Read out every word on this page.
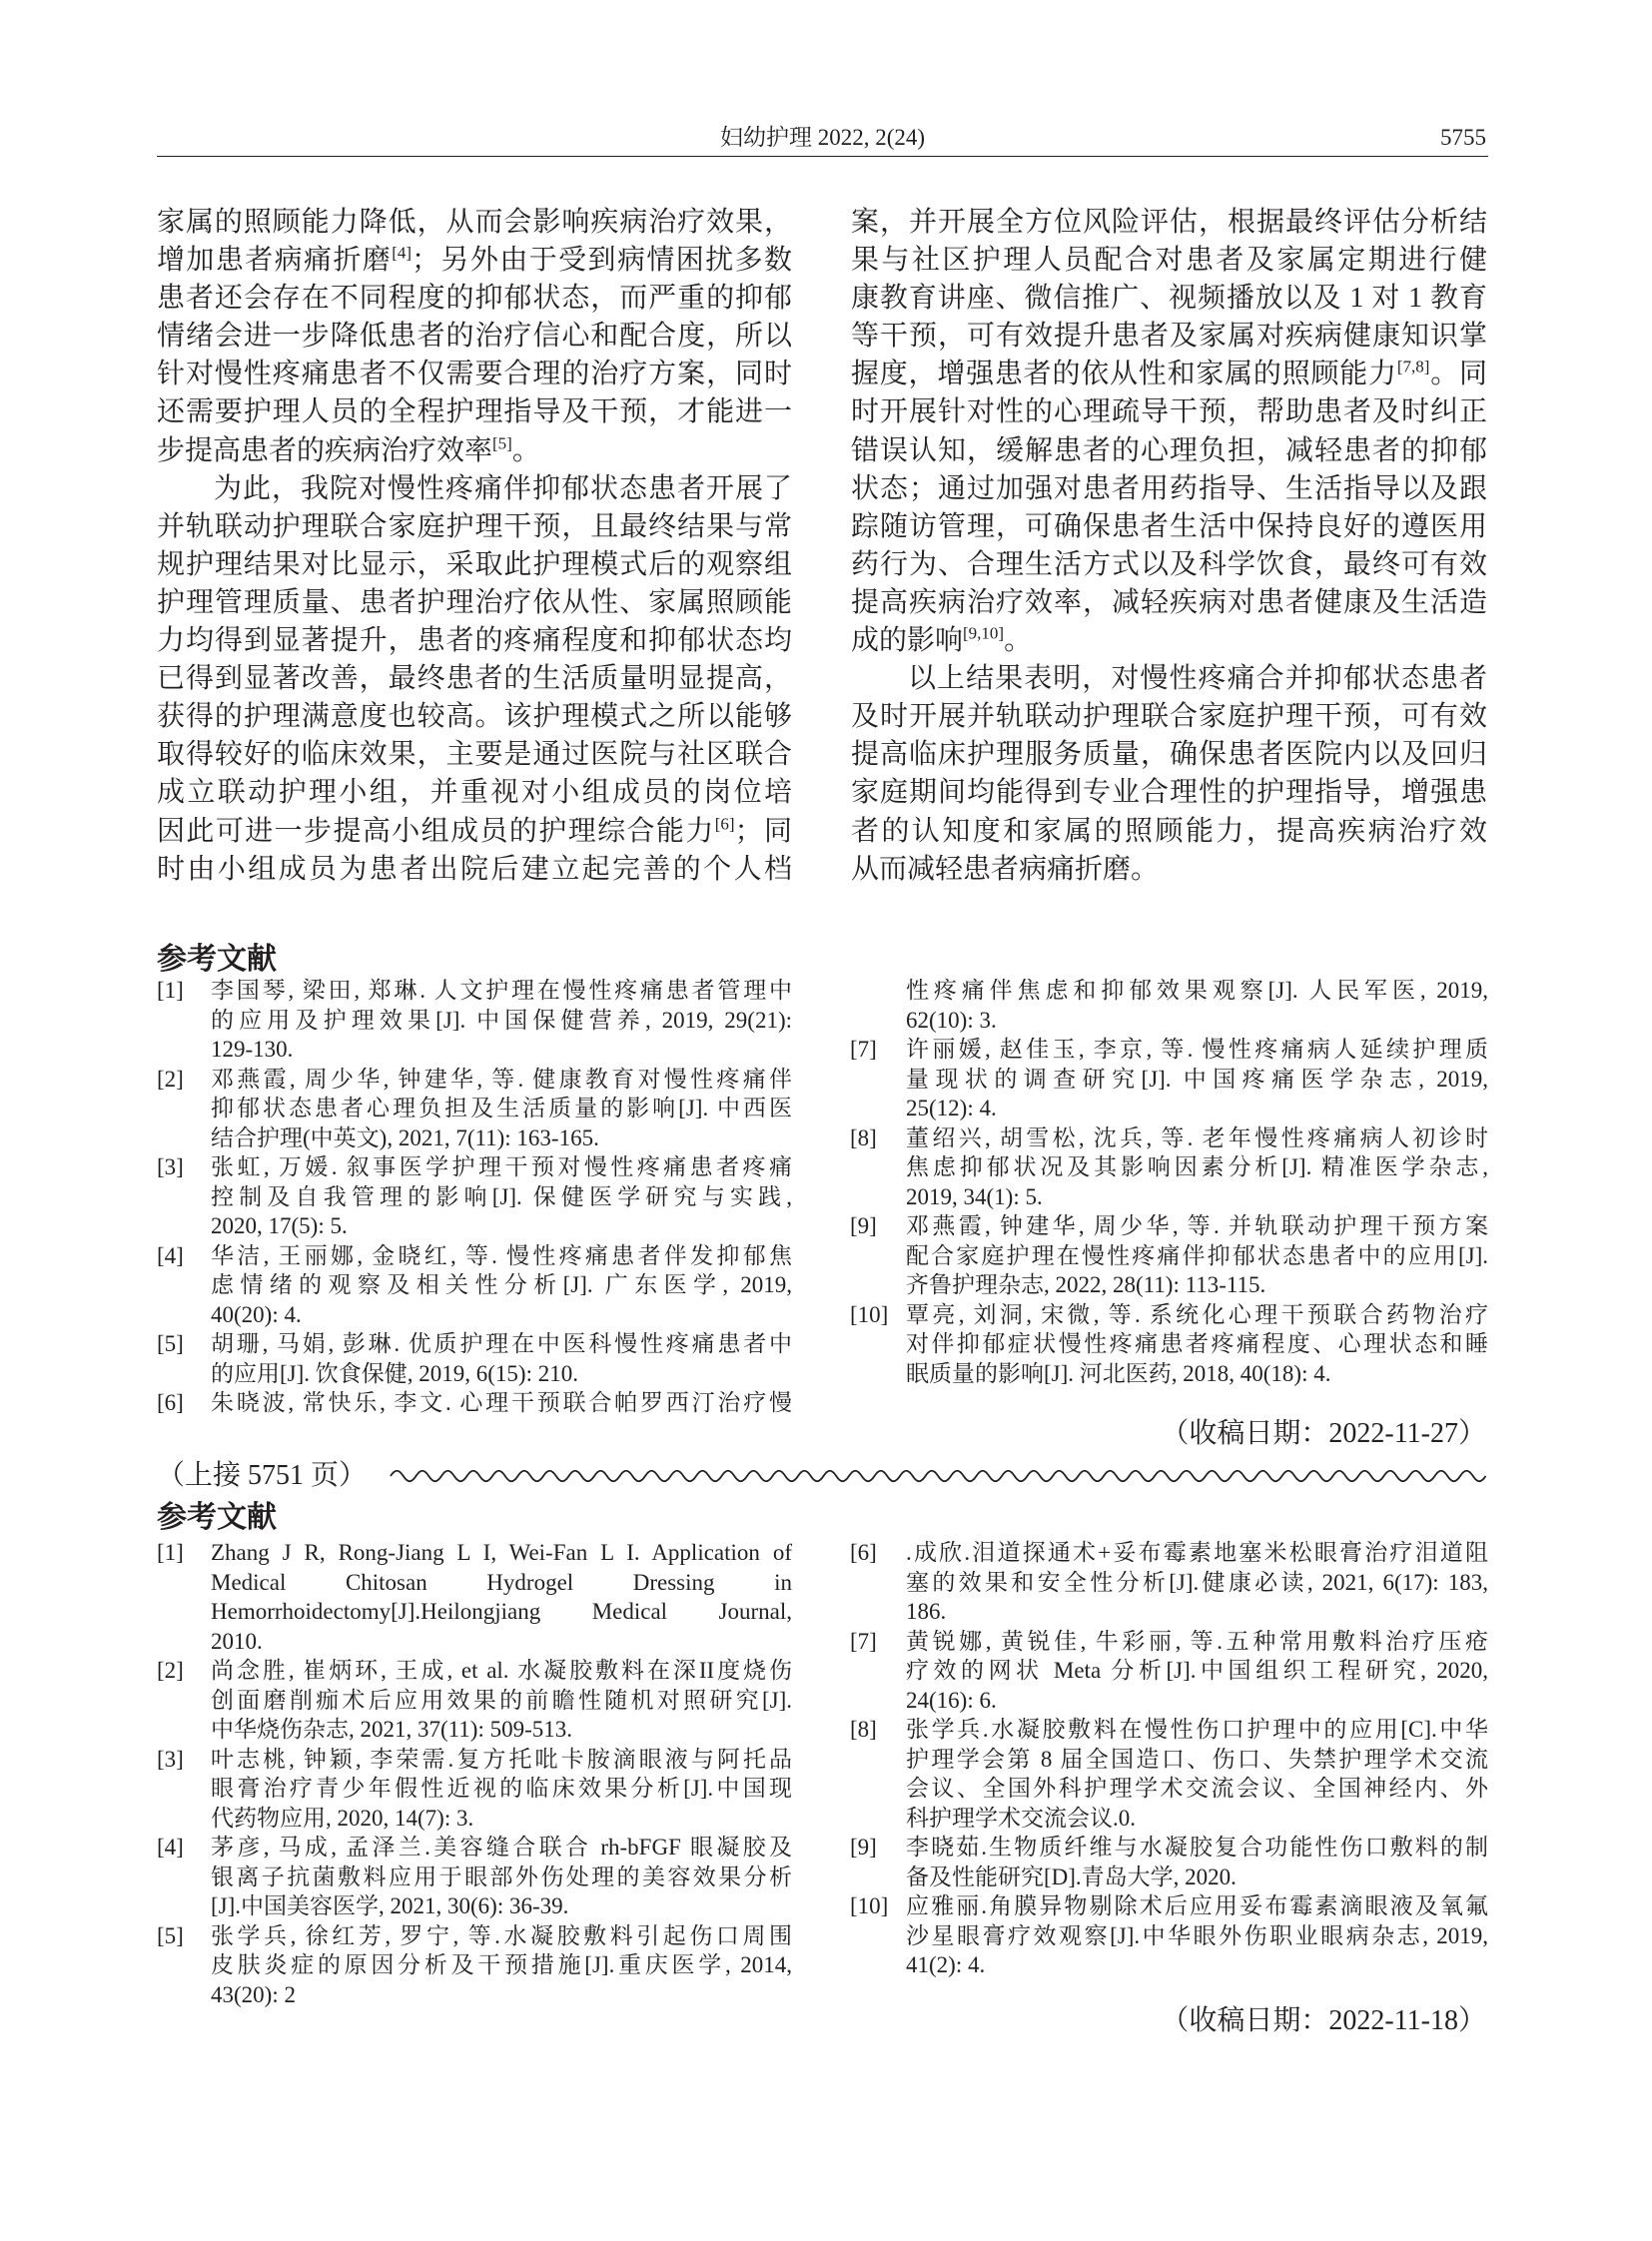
妇幼护理 2022, 2(24)	5755
家属的照顾能力降低，从而会影响疾病治疗效果，
增加患者病痛折磨[4]；另外由于受到病情困扰多数
患者还会存在不同程度的抑郁状态，而严重的抑郁
情绪会进一步降低患者的治疗信心和配合度，所以
针对慢性疼痛患者不仅需要合理的治疗方案，同时
还需要护理人员的全程护理指导及干预，才能进一
步提高患者的疾病治疗效率[5]。
为此，我院对慢性疼痛伴抑郁状态患者开展了
并轨联动护理联合家庭护理干预，且最终结果与常
规护理结果对比显示，采取此护理模式后的观察组
护理管理质量、患者护理治疗依从性、家属照顾能
力均得到显著提升，患者的疼痛程度和抑郁状态均
已得到显著改善，最终患者的生活质量明显提高，
获得的护理满意度也较高。该护理模式之所以能够
取得较好的临床效果，主要是通过医院与社区联合
成立联动护理小组，并重视对小组成员的岗位培
因此可进一步提高小组成员的护理综合能力[6]；同
时由小组成员为患者出院后建立起完善的个人档
案，并开展全方位风险评估，根据最终评估分析结
果与社区护理人员配合对患者及家属定期进行健
康教育讲座、微信推广、视频播放以及 1 对 1 教育
等干预，可有效提升患者及家属对疾病健康知识掌
握度，增强患者的依从性和家属的照顾能力[7,8]。同
时开展针对性的心理疏导干预，帮助患者及时纠正
错误认知，缓解患者的心理负担，减轻患者的抑郁
状态；通过加强对患者用药指导、生活指导以及跟
踪随访管理，可确保患者生活中保持良好的遵医用
药行为、合理生活方式以及科学饮食，最终可有效
提高疾病治疗效率，减轻疾病对患者健康及生活造
成的影响[9,10]。
以上结果表明，对慢性疼痛合并抑郁状态患者
及时开展并轨联动护理联合家庭护理干预，可有效
提高临床护理服务质量，确保患者医院内以及回归
家庭期间均能得到专业合理性的护理指导，增强患
者的认知度和家属的照顾能力，提高疾病治疗效
从而减轻患者病痛折磨。
参考文献
[1] 李国琴, 梁田, 郑琳. 人文护理在慢性疼痛患者管理中
的应用及护理效果[J]. 中国保健营养, 2019, 29(21):
129-130.
[2] 邓燕霞, 周少华, 钟建华, 等. 健康教育对慢性疼痛伴
抑郁状态患者心理负担及生活质量的影响[J]. 中西医
结合护理(中英文), 2021, 7(11): 163-165.
[3] 张虹, 万媛. 叙事医学护理干预对慢性疼痛患者疼痛
控制及自我管理的影响[J]. 保健医学研究与实践,
2020, 17(5): 5.
[4] 华洁, 王丽娜, 金晓红, 等. 慢性疼痛患者伴发抑郁焦
虑情绪的观察及相关性分析[J]. 广东医学, 2019,
40(20): 4.
[5] 胡珊, 马娟, 彭琳. 优质护理在中医科慢性疼痛患者中
的应用[J]. 饮食保健, 2019, 6(15): 210.
[6] 朱晓波, 常快乐, 李文. 心理干预联合帕罗西汀治疗慢
性疼痛伴焦虑和抑郁效果观察[J]. 人民军医, 2019,
62(10): 3.
[7] 许丽媛, 赵佳玉, 李京, 等. 慢性疼痛病人延续护理质
量现状的调查研究[J]. 中国疼痛医学杂志, 2019,
25(12): 4.
[8] 董绍兴, 胡雪松, 沈兵, 等. 老年慢性疼痛病人初诊时
焦虑抑郁状况及其影响因素分析[J]. 精准医学杂志,
2019, 34(1): 5.
[9] 邓燕霞, 钟建华, 周少华, 等. 并轨联动护理干预方案
配合家庭护理在慢性疼痛伴抑郁状态患者中的应用[J].
齐鲁护理杂志, 2022, 28(11): 113-115.
[10] 覃亮, 刘洞, 宋微, 等. 系统化心理干预联合药物治疗
对伴抑郁症状慢性疼痛患者疼痛程度、心理状态和睡
眠质量的影响[J]. 河北医药, 2018, 40(18): 4.
（收稿日期：2022-11-27）
（上接 5751 页）
参考文献
[1] Zhang J R, Rong-Jiang L I, Wei-Fan L I. Application of
Medical Chitosan Hydrogel Dressing in
Hemorrhoidectomy[J].Heilongjiang Medical Journal,
2010.
[2] 尚念胜, 崔炳环, 王成, et al. 水凝胶敷料在深II度烧伤
创面磨削痂术后应用效果的前瞻性随机对照研究[J].
中华烧伤杂志, 2021, 37(11): 509-513.
[3] 叶志桃, 钟颖, 李荣需.复方托吡卡胺滴眼液与阿托品
眼膏治疗青少年假性近视的临床效果分析[J].中国现
代药物应用, 2020, 14(7): 3.
[4] 茅彦, 马成, 孟泽兰.美容缝合联合 rh-bFGF 眼凝胶及
银离子抗菌敷料应用于眼部外伤处理的美容效果分析
[J].中国美容医学, 2021, 30(6): 36-39.
[5] 张学兵, 徐红芳, 罗宁, 等.水凝胶敷料引起伤口周围
皮肤炎症的原因分析及干预措施[J].重庆医学, 2014,
43(20): 2
[6] .成欣.泪道探通术+妥布霉素地塞米松眼膏治疗泪道阻
塞的效果和安全性分析[J].健康必读, 2021, 6(17): 183,
186.
[7] 黄锐娜, 黄锐佳, 牛彩丽, 等.五种常用敷料治疗压疮
疗效的网状 Meta 分析[J].中国组织工程研究, 2020,
24(16): 6.
[8] 张学兵.水凝胶敷料在慢性伤口护理中的应用[C].中华
护理学会第 8 届全国造口、伤口、失禁护理学术交流
会议、全国外科护理学术交流会议、全国神经内、外
科护理学术交流会议.0.
[9] 李晓茹.生物质纤维与水凝胶复合功能性伤口敷料的制
备及性能研究[D].青岛大学, 2020.
[10] 应雅丽.角膜异物剔除术后应用妥布霉素滴眼液及氧氟
沙星眼膏疗效观察[J].中华眼外伤职业眼病杂志, 2019,
41(2): 4.
（收稿日期：2022-11-18）
